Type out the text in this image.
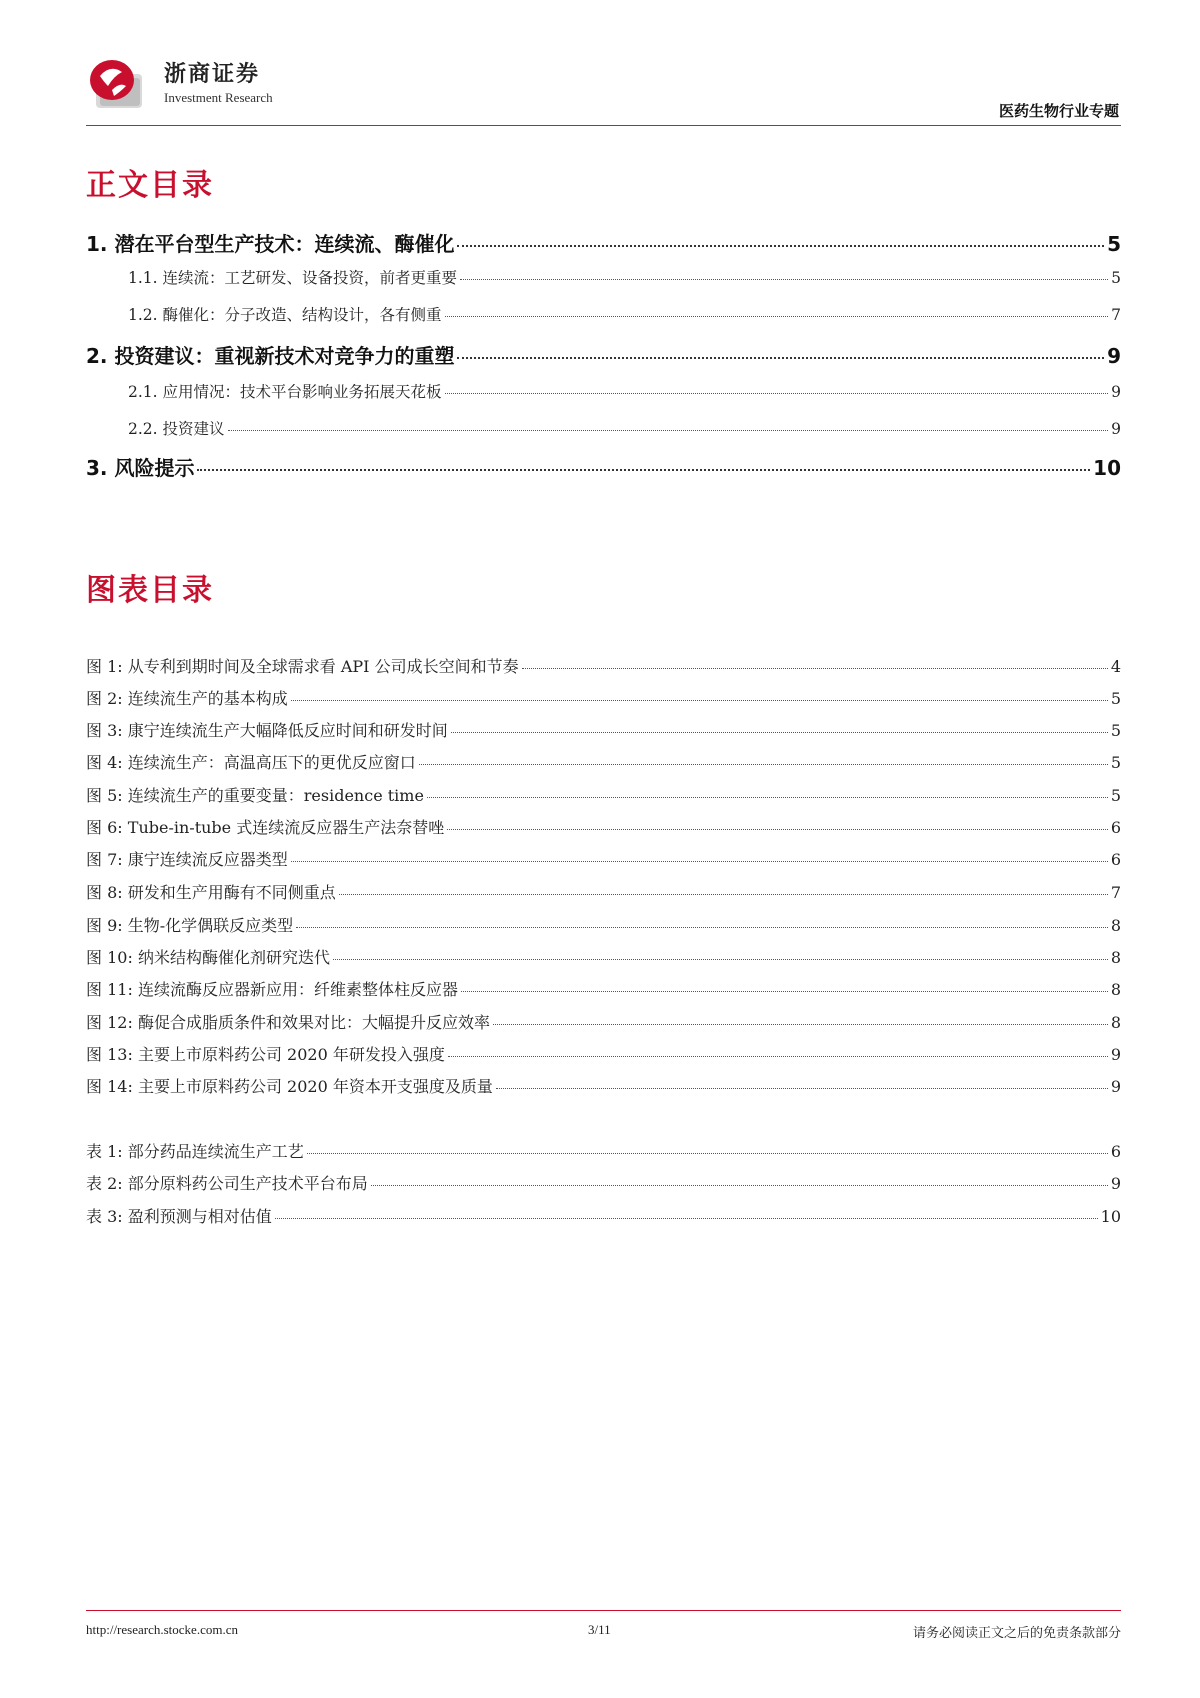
浙商证券
Investment Research
医药生物行业专题
正文目录
1. 潜在平台型生产技术：连续流、酶催化	5
1.1. 连续流：工艺研发、设备投资，前者更重要	5
1.2. 酶催化：分子改造、结构设计，各有侧重	7
2. 投资建议：重视新技术对竞争力的重塑	9
2.1. 应用情况：技术平台影响业务拓展天花板	9
2.2. 投资建议	9
3. 风险提示	10
图表目录
图 1: 从专利到期时间及全球需求看 API 公司成长空间和节奏	4
图 2: 连续流生产的基本构成	5
图 3: 康宁连续流生产大幅降低反应时间和研发时间	5
图 4: 连续流生产：高温高压下的更优反应窗口	5
图 5: 连续流生产的重要变量：residence time	5
图 6: Tube-in-tube 式连续流反应器生产法奈替唑	6
图 7: 康宁连续流反应器类型	6
图 8: 研发和生产用酶有不同侧重点	7
图 9: 生物-化学偶联反应类型	8
图 10: 纳米结构酶催化剂研究迭代	8
图 11: 连续流酶反应器新应用：纤维素整体柱反应器	8
图 12: 酶促合成脂质条件和效果对比：大幅提升反应效率	8
图 13: 主要上市原料药公司 2020 年研发投入强度	9
图 14: 主要上市原料药公司 2020 年资本开支强度及质量	9
表 1: 部分药品连续流生产工艺	6
表 2: 部分原料药公司生产技术平台布局	9
表 3: 盈利预测与相对估值	10
http://research.stocke.com.cn	3/11	请务必阅读正文之后的免责条款部分
